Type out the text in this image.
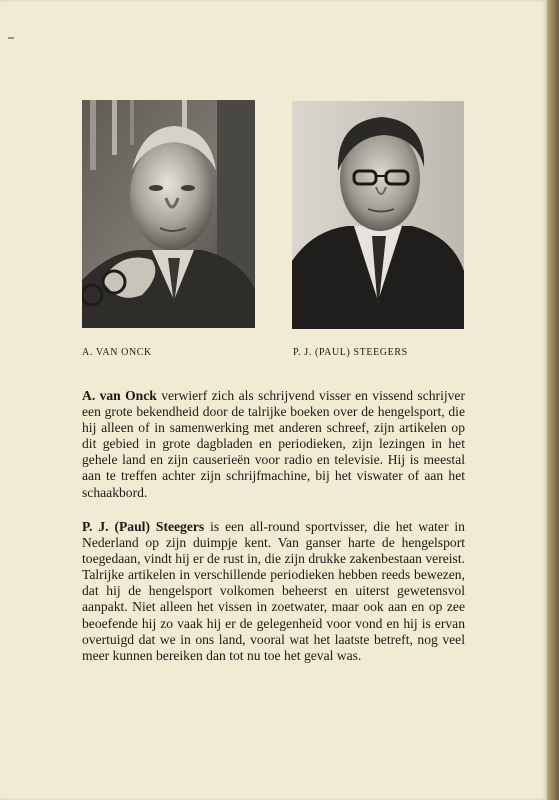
A. VAN ONCK	P. J. (PAUL) STEEGERS
A. van Onck verwierf zich als schrijvend visser en vissend schrijver een grote bekendheid door de talrijke boeken over de hengelsport, die hij alleen of in samenwerking met anderen schreef, zijn artikelen op dit gebied in grote dagbladen en periodieken, zijn lezingen in het gehele land en zijn causerieën voor radio en televisie. Hij is meestal aan te treffen achter zijn schrijfmachine, bij het viswater of aan het schaakbord.
P. J. (Paul) Steegers is een all-round sportvisser, die het water in Nederland op zijn duimpje kent. Van ganser harte de hengelsport toegedaan, vindt hij er de rust in, die zijn drukke zakenbestaan vereist. Talrijke artikelen in verschillende periodieken hebben reeds bewezen, dat hij de hengelsport volkomen beheerst en uiterst gewetensvol aanpakt. Niet alleen het vissen in zoetwater, maar ook aan en op zee beoefende hij zo vaak hij er de gelegenheid voor vond en hij is ervan overtuigd dat we in ons land, vooral wat het laatste betreft, nog veel meer kunnen bereiken dan tot nu toe het geval was.
